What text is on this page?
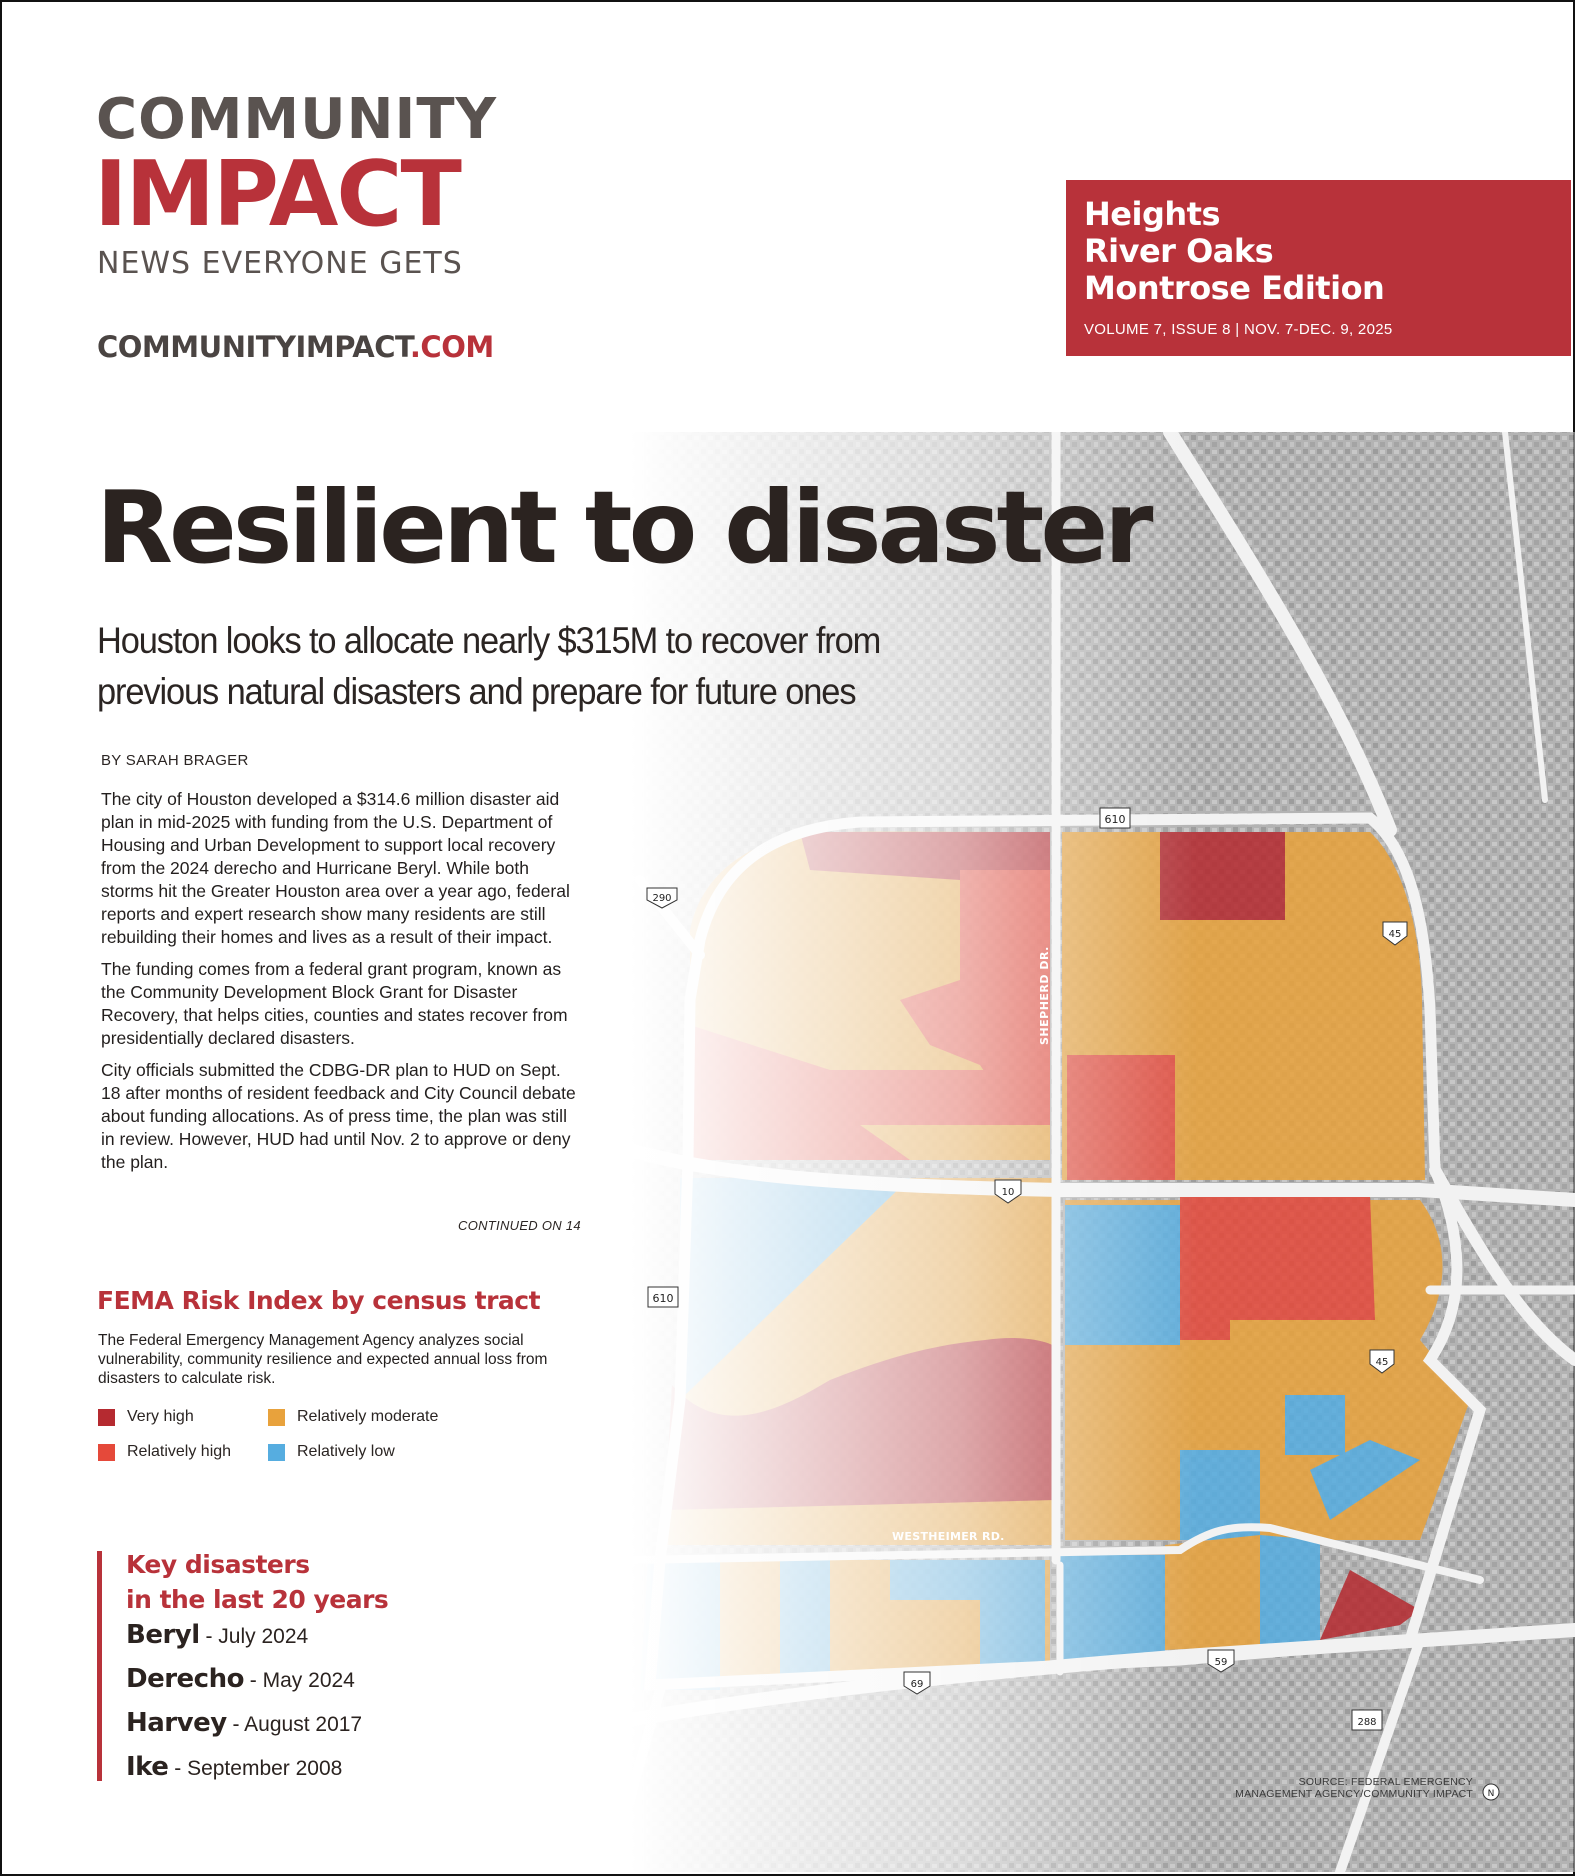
SHEPHERD DR.
WESTHEIMER RD.
610
610
290
45
45
10
59
69
288
N
COMMUNITY
IMPACT
NEWS EVERYONE GETS
COMMUNITYIMPACT.COM
Heights
River Oaks
Montrose Edition
VOLUME 7, ISSUE 8 | NOV. 7-DEC. 9, 2025
Resilient to disaster
Houston looks to allocate nearly $315M to recover from previous natural disasters and prepare for future ones
BY SARAH BRAGER

The city of Houston developed a $314.6 million disaster aid plan in mid-2025 with funding from the U.S. Department of Housing and Urban Development to support local recovery from the 2024 derecho and Hurricane Beryl. While both storms hit the Greater Houston area over a year ago, federal reports and expert research show many residents are still rebuilding their homes and lives as a result of their impact.

The funding comes from a federal grant program, known as the Community Development Block Grant for Disaster Recovery, that helps cities, counties and states recover from presidentially declared disasters.

City officials submitted the CDBG-DR plan to HUD on Sept. 18 after months of resident feedback and City Council debate about funding allocations. As of press time, the plan was still in review. However, HUD had until Nov. 2 to approve or deny the plan.

CONTINUED ON 14
FEMA Risk Index by census tract
The Federal Emergency Management Agency analyzes social vulnerability, community resilience and expected annual loss from disasters to calculate risk.
Very high	Relatively moderate
Relatively high	Relatively low
Key disasters
in the last 20 years
Beryl - July 2024
Derecho - May 2024
Harvey - August 2017
Ike - September 2008
SOURCE: FEDERAL EMERGENCY
MANAGEMENT AGENCY/COMMUNITY IMPACT
